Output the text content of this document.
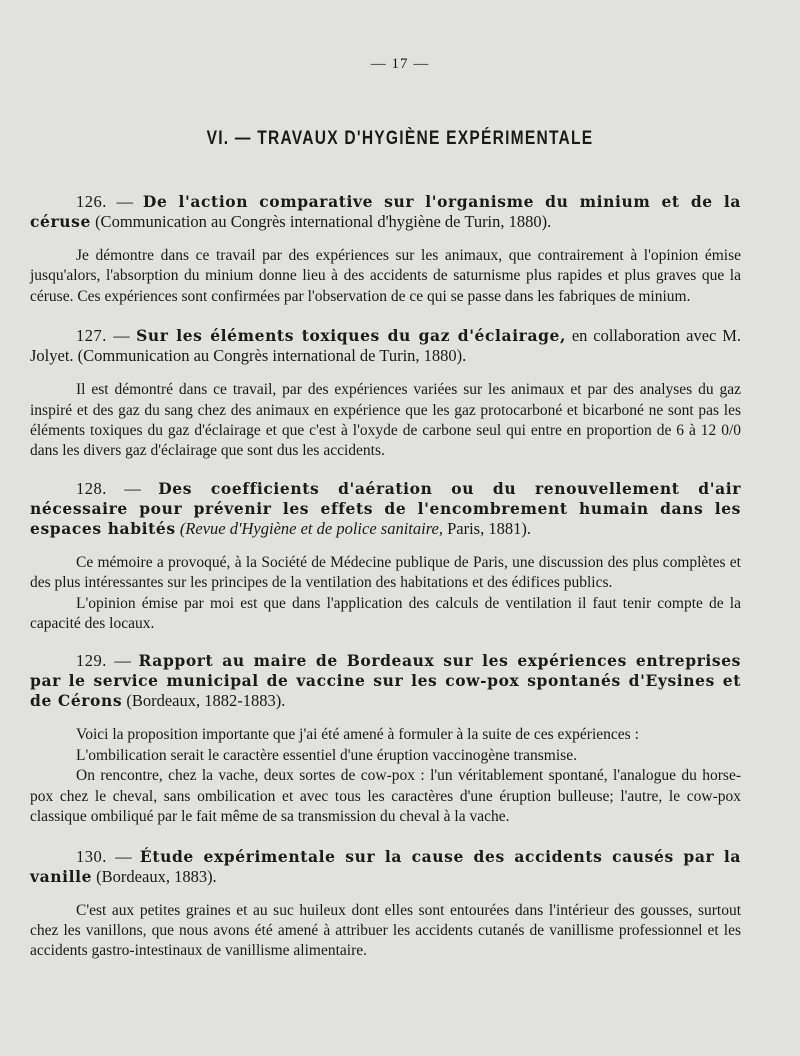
— 17 —
VI. — TRAVAUX D'HYGIÈNE EXPÉRIMENTALE

126. — De l'action comparative sur l'organisme du minium et de la céruse (Communication au Congrès international d'hygiène de Turin, 1880).

Je démontre dans ce travail par des expériences sur les animaux, que contrairement à l'opinion émise jusqu'alors, l'absorption du minium donne lieu à des accidents de saturnisme plus rapides et plus graves que la céruse. Ces expériences sont confirmées par l'observation de ce qui se passe dans les fabriques de minium.

127. — Sur les éléments toxiques du gaz d'éclairage, en collaboration avec M. Jolyet. (Communication au Congrès international de Turin, 1880).

Il est démontré dans ce travail, par des expériences variées sur les animaux et par des analyses du gaz inspiré et des gaz du sang chez des animaux en expérience que les gaz protocarboné et bicarboné ne sont pas les éléments toxiques du gaz d'éclairage et que c'est à l'oxyde de carbone seul qui entre en proportion de 6 à 12 0/0 dans les divers gaz d'éclairage que sont dus les accidents.

128. — Des coefficients d'aération ou du renouvellement d'air nécessaire pour prévenir les effets de l'encombrement humain dans les espaces habités (Revue d'Hygiène et de police sanitaire, Paris, 1881).

Ce mémoire a provoqué, à la Société de Médecine publique de Paris, une discussion des plus complètes et des plus intéressantes sur les principes de la ventilation des habitations et des édifices publics.

L'opinion émise par moi est que dans l'application des calculs de ventilation il faut tenir compte de la capacité des locaux.

129. — Rapport au maire de Bordeaux sur les expériences entreprises par le service municipal de vaccine sur les cow-pox spontanés d'Eysines et de Cérons (Bordeaux, 1882-1883).

Voici la proposition importante que j'ai été amené à formuler à la suite de ces expériences :

L'ombilication serait le caractère essentiel d'une éruption vaccinogène transmise.

On rencontre, chez la vache, deux sortes de cow-pox : l'un véritablement spontané, l'analogue du horse-pox chez le cheval, sans ombilication et avec tous les caractères d'une éruption bulleuse; l'autre, le cow-pox classique ombiliqué par le fait même de sa transmission du cheval à la vache.

130. — Étude expérimentale sur la cause des accidents causés par la vanille (Bordeaux, 1883).

C'est aux petites graines et au suc huileux dont elles sont entourées dans l'intérieur des gousses, surtout chez les vanillons, que nous avons été amené à attribuer les accidents cutanés de vanillisme professionnel et les accidents gastro-intestinaux de vanillisme alimentaire.
